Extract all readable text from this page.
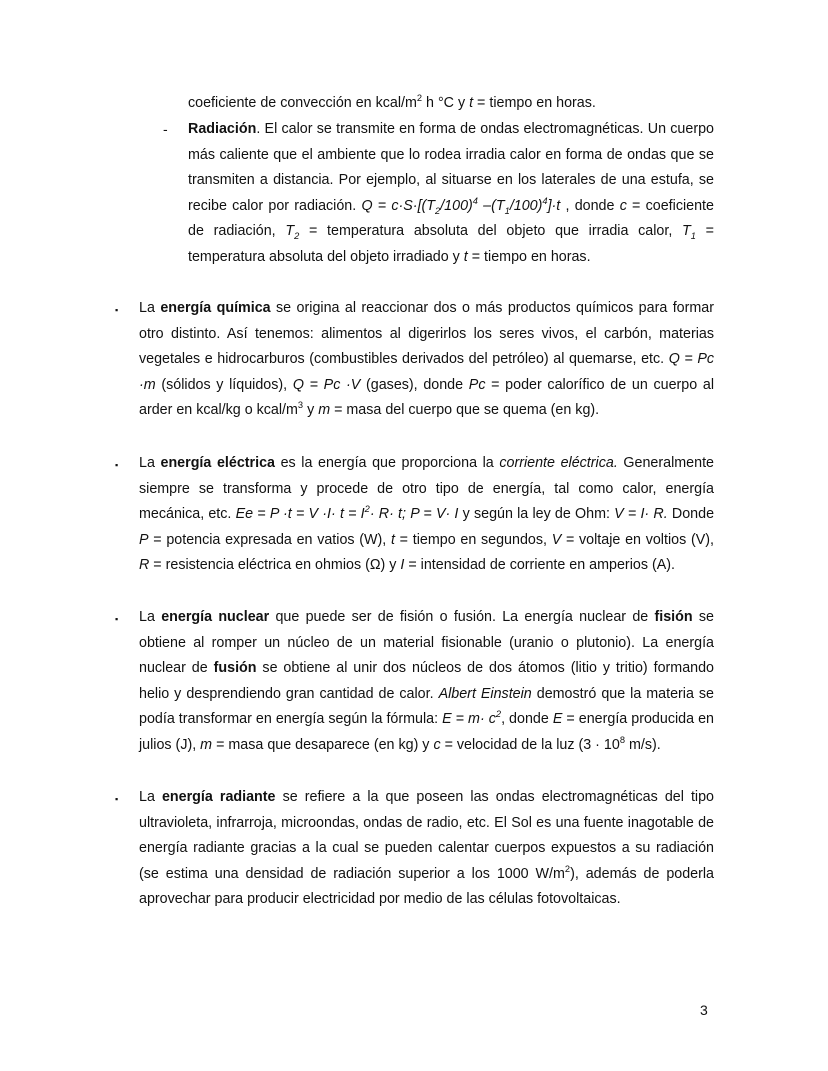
coeficiente de convección en kcal/$m^2$ h °C y t = tiempo en horas.
- Radiación. El calor se transmite en forma de ondas electromagnéticas. Un cuerpo más caliente que el ambiente que lo rodea irradia calor en forma de ondas que se transmiten a distancia. Por ejemplo, al situarse en los laterales de una estufa, se recibe calor por radiación. $Q = c\cdot S\cdot[(T_2/100)^4$ $-(T_1/100)^4]\cdot t$ , donde c = coeficiente de radiación, $T_2$ = temperatura absoluta del objeto que irradia calor, $T_1$ = temperatura absoluta del objeto irradiado y t = tiempo en horas.
▪ La energía química se origina al reaccionar dos o más productos químicos para formar otro distinto. Así tenemos: alimentos al digerirlos los seres vivos, el carbón, materias vegetales e hidrocarburos (combustibles derivados del petróleo) al quemarse, etc. Q = Pc ·m (sólidos y líquidos), Q = Pc ·V (gases), donde Pc = poder calorífico de un cuerpo al arder en kcal/kg o kcal/$m^3$ y m = masa del cuerpo que se quema (en kg).
▪ La energía eléctrica es la energía que proporciona la corriente eléctrica. Generalmente siempre se transforma y procede de otro tipo de energía, tal como calor, energía mecánica, etc. $Ee = P \cdot t = V \cdot I\cdot t = I^2\cdot R\cdot t$; P = V· I y según la ley de Ohm: V = I· R. Donde P = potencia expresada en vatios (W), t = tiempo en segundos, V = voltaje en voltios (V), R = resistencia eléctrica en ohmios (Ω) y I = intensidad de corriente en amperios (A).
▪ La energía nuclear que puede ser de fisión o fusión. La energía nuclear de fisión se obtiene al romper un núcleo de un material fisionable (uranio o plutonio). La energía nuclear de fusión se obtiene al unir dos núcleos de dos átomos (litio y tritio) formando helio y desprendiendo gran cantidad de calor. Albert Einstein demostró que la materia se podía transformar en energía según la fórmula: $E = m\cdot c^2$, donde E = energía producida en julios (J), m = masa que desaparece (en kg) y c = velocidad de la luz ($3 \cdot 10^8$ m/s).
▪ La energía radiante se refiere a la que poseen las ondas electromagnéticas del tipo ultravioleta, infrarroja, microondas, ondas de radio, etc. El Sol es una fuente inagotable de energía radiante gracias a la cual se pueden calentar cuerpos expuestos a su radiación (se estima una densidad de radiación superior a los 1000 $W/m^2$), además de poderla aprovechar para producir electricidad por medio de las células fotovoltaicas.
3
